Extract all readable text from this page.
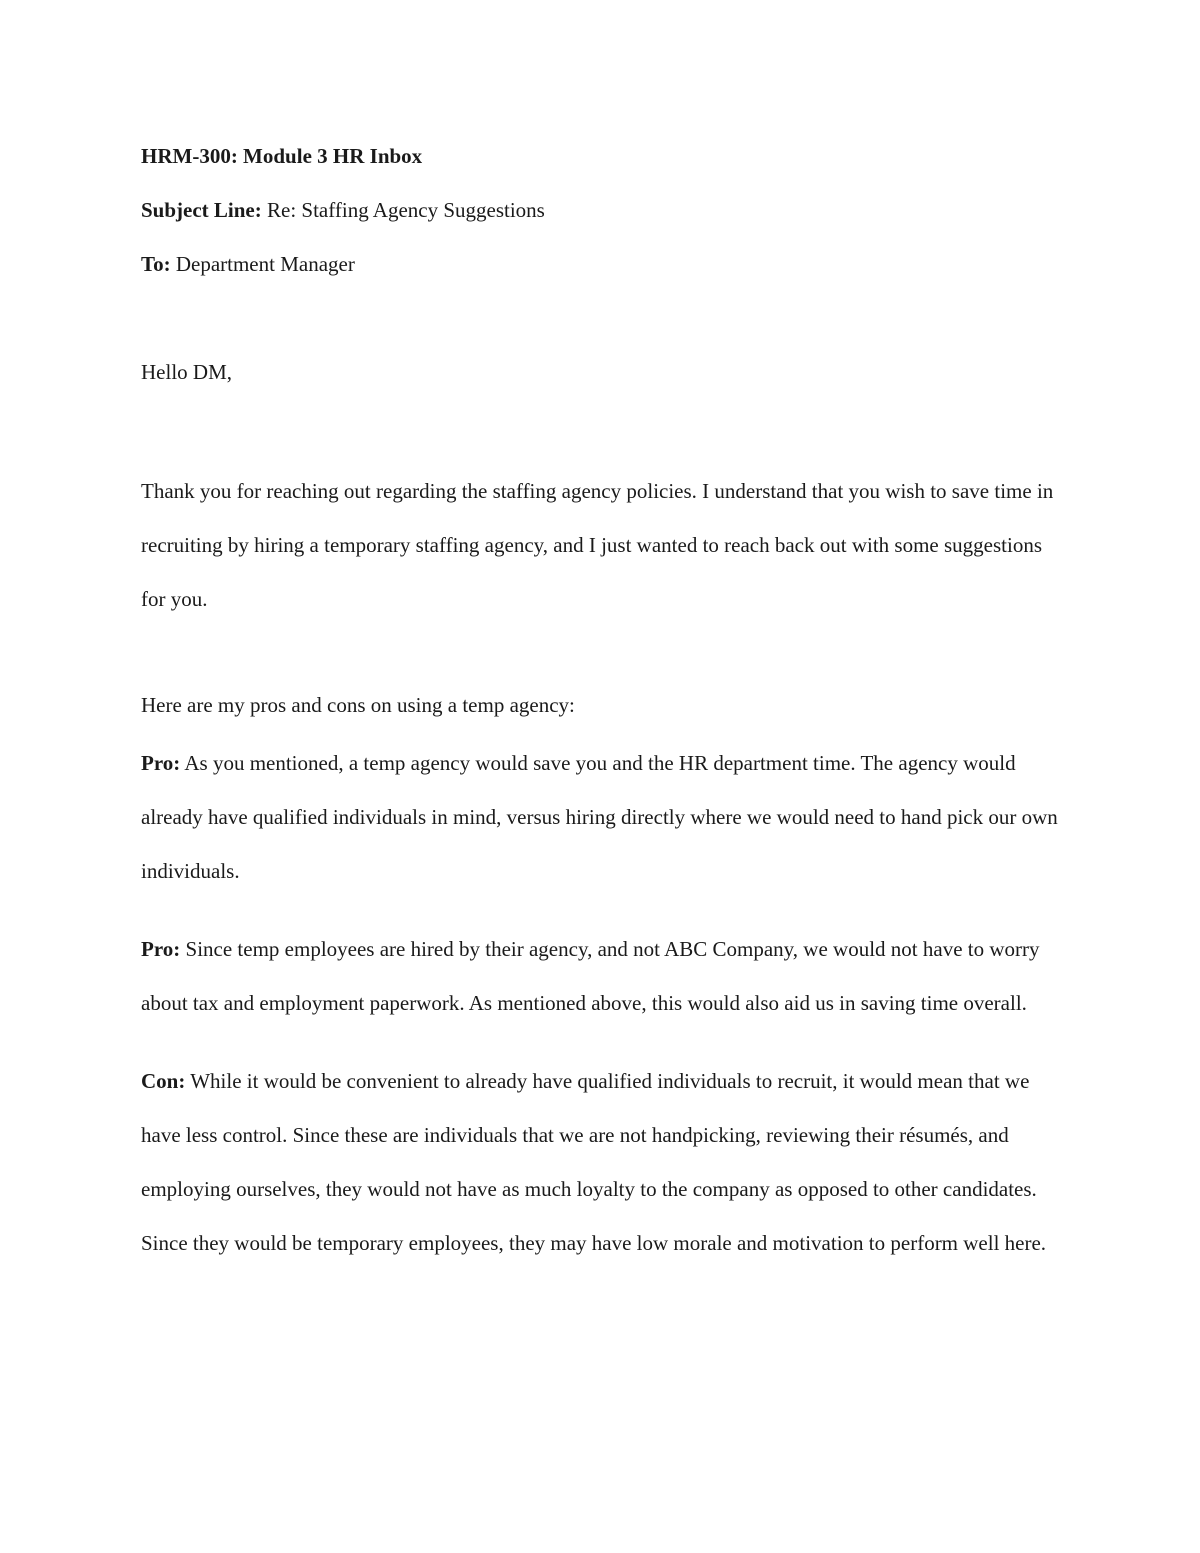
HRM-300: Module 3 HR Inbox

Subject Line: Re: Staffing Agency Suggestions

To: Department Manager

Hello DM,

Thank you for reaching out regarding the staffing agency policies. I understand that you wish to save time in recruiting by hiring a temporary staffing agency, and I just wanted to reach back out with some suggestions for you.

Here are my pros and cons on using a temp agency:

Pro: As you mentioned, a temp agency would save you and the HR department time. The agency would already have qualified individuals in mind, versus hiring directly where we would need to hand pick our own individuals.

Pro: Since temp employees are hired by their agency, and not ABC Company, we would not have to worry about tax and employment paperwork. As mentioned above, this would also aid us in saving time overall.

Con: While it would be convenient to already have qualified individuals to recruit, it would mean that we have less control. Since these are individuals that we are not handpicking, reviewing their résumés, and employing ourselves, they would not have as much loyalty to the company as opposed to other candidates. Since they would be temporary employees, they may have low morale and motivation to perform well here.
